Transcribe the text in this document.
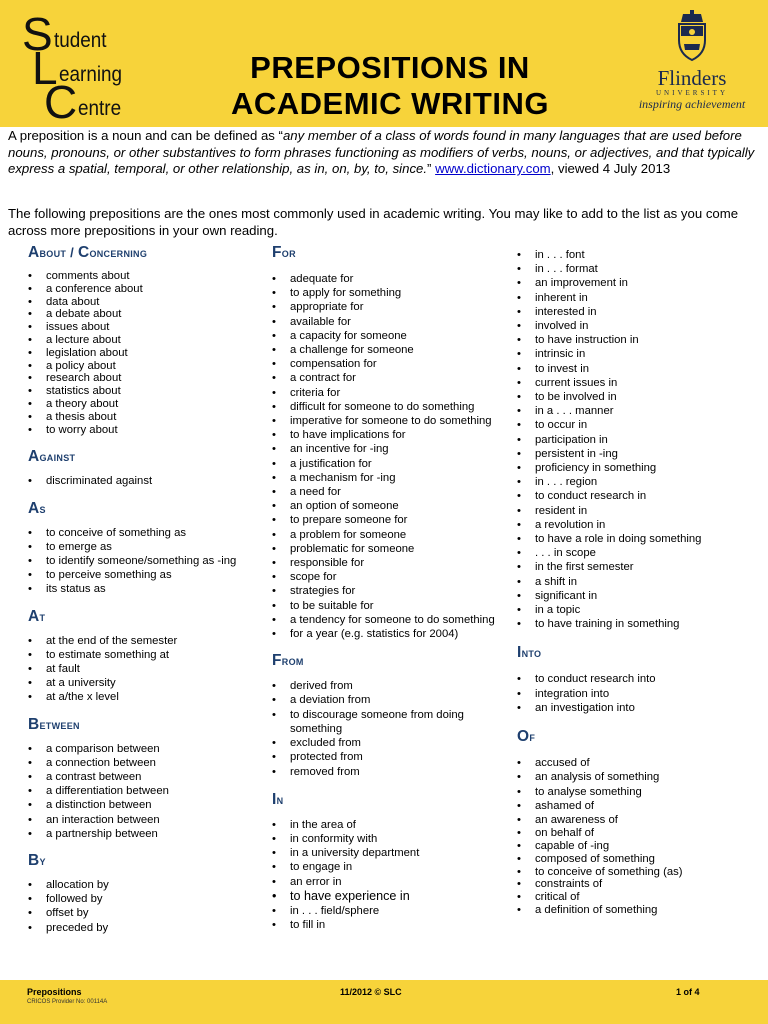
S tudent
L earning
C entre
PREPOSITIONS IN
ACADEMIC WRITING
Flinders
UNIVERSITY
inspiring achievement
A preposition is a noun and can be defined as “any member of a class of words found in many languages that are used before nouns, pronouns, or other substantives to form phrases functioning as modifiers of verbs, nouns, or adjectives, and that typically express a spatial, temporal, or other relationship, as in, on, by, to, since.” www.dictionary.com, viewed 4 July 2013
The following prepositions are the ones most commonly used in academic writing. You may like to add to the list as you come across more prepositions in your own reading.
About / Concerning
• comments about
• a conference about
• data about
• a debate about
• issues about
• a lecture about
• legislation about
• a policy about
• research about
• statistics about
• a theory about
• a thesis about
• to worry about
Against
• discriminated against
As
• to conceive of something as
• to emerge as
• to identify someone/something as -ing
• to perceive something as
• its status as
At
• at the end of the semester
• to estimate something at
• at fault
• at a university
• at a/the x level
Between
• a comparison between
• a connection between
• a contrast between
• a differentiation between
• a distinction between
• an interaction between
• a partnership between
By
• allocation by
• followed by
• offset by
• preceded by
For
• adequate for
• to apply for something
• appropriate for
• available for
• a capacity for someone
• a challenge for someone
• compensation for
• a contract for
• criteria for
• difficult for someone to do something
• imperative for someone to do something
• to have implications for
• an incentive for -ing
• a justification for
• a mechanism for -ing
• a need for
• an option of someone
• to prepare someone for
• a problem for someone
• problematic for someone
• responsible for
• scope for
• strategies for
• to be suitable for
• a tendency for someone to do something
• for a year (e.g. statistics for 2004)
From
• derived from
• a deviation from
• to discourage someone from doing something
• excluded from
• protected from
• removed from
In
• in the area of
• in conformity with
• in a university department
• to engage in
• an error in
• to have experience in
• in . . . field/sphere
• to fill in
• in . . . font
• in . . . format
• an improvement in
• inherent in
• interested in
• involved in
• to have instruction in
• intrinsic in
• to invest in
• current issues in
• to be involved in
• in a . . . manner
• to occur in
• participation in
• persistent in -ing
• proficiency in something
• in . . . region
• to conduct research in
• resident in
• a revolution in
• to have a role in doing something
• . . . in scope
• in the first semester
• a shift in
• significant in
• in a topic
• to have training in something
Into
• to conduct research into
• integration into
• an investigation into
Of
• accused of
• an analysis of something
• to analyse something
• ashamed of
• an awareness of
• on behalf of
• capable of -ing
• composed of something
• to conceive of something (as)
• constraints of
• critical of
• a definition of something
Prepositions
CRICOS Provider No: 00114A
11/2012 © SLC	1 of 4
